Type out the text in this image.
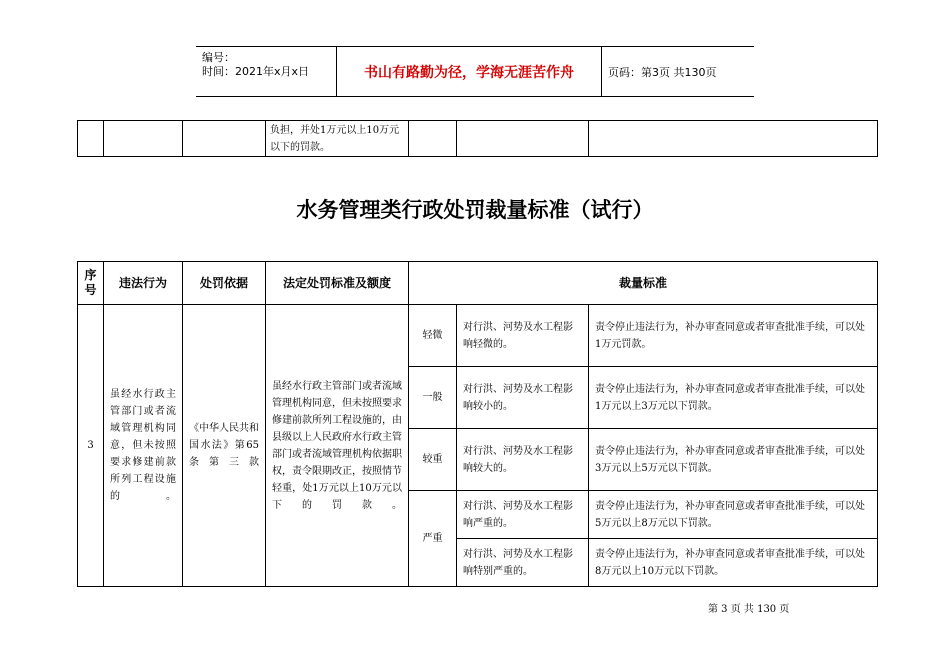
编号：
时间：2021年x月x日	书山有路勤为径，学海无涯苦作舟	页码：第3页 共130页
			负担，并处1万元以上10万元以下的罚款。			
水务管理类行政处罚裁量标准（试行）
序号	违法行为	处罚依据	法定处罚标准及额度	裁量标准		
3	虽经水行政主管部门或者流域管理机构同意，但未按照要求修建前款所列工程设施的。	《中华人民共和国水法》第65条第三款	虽经水行政主管部门或者流域管理机构同意，但未按照要求修建前款所列工程设施的，由县级以上人民政府水行政主管部门或者流域管理机构依据职权，责令限期改正，按照情节轻重，处1万元以上10万元以下的罚款。	轻微	对行洪、河势及水工程影响轻微的。	责令停止违法行为，补办审查同意或者审查批准手续，可以处1万元罚款。
				一般	对行洪、河势及水工程影响较小的。	责令停止违法行为，补办审查同意或者审查批准手续，可以处1万元以上3万元以下罚款。
				较重	对行洪、河势及水工程影响较大的。	责令停止违法行为，补办审查同意或者审查批准手续，可以处3万元以上5万元以下罚款。
				严重	对行洪、河势及水工程影响严重的。	责令停止违法行为，补办审查同意或者审查批准手续，可以处5万元以上8万元以下罚款。
					对行洪、河势及水工程影响特别严重的。	责令停止违法行为，补办审查同意或者审查批准手续，可以处8万元以上10万元以下罚款。
第 3 页 共 130 页
